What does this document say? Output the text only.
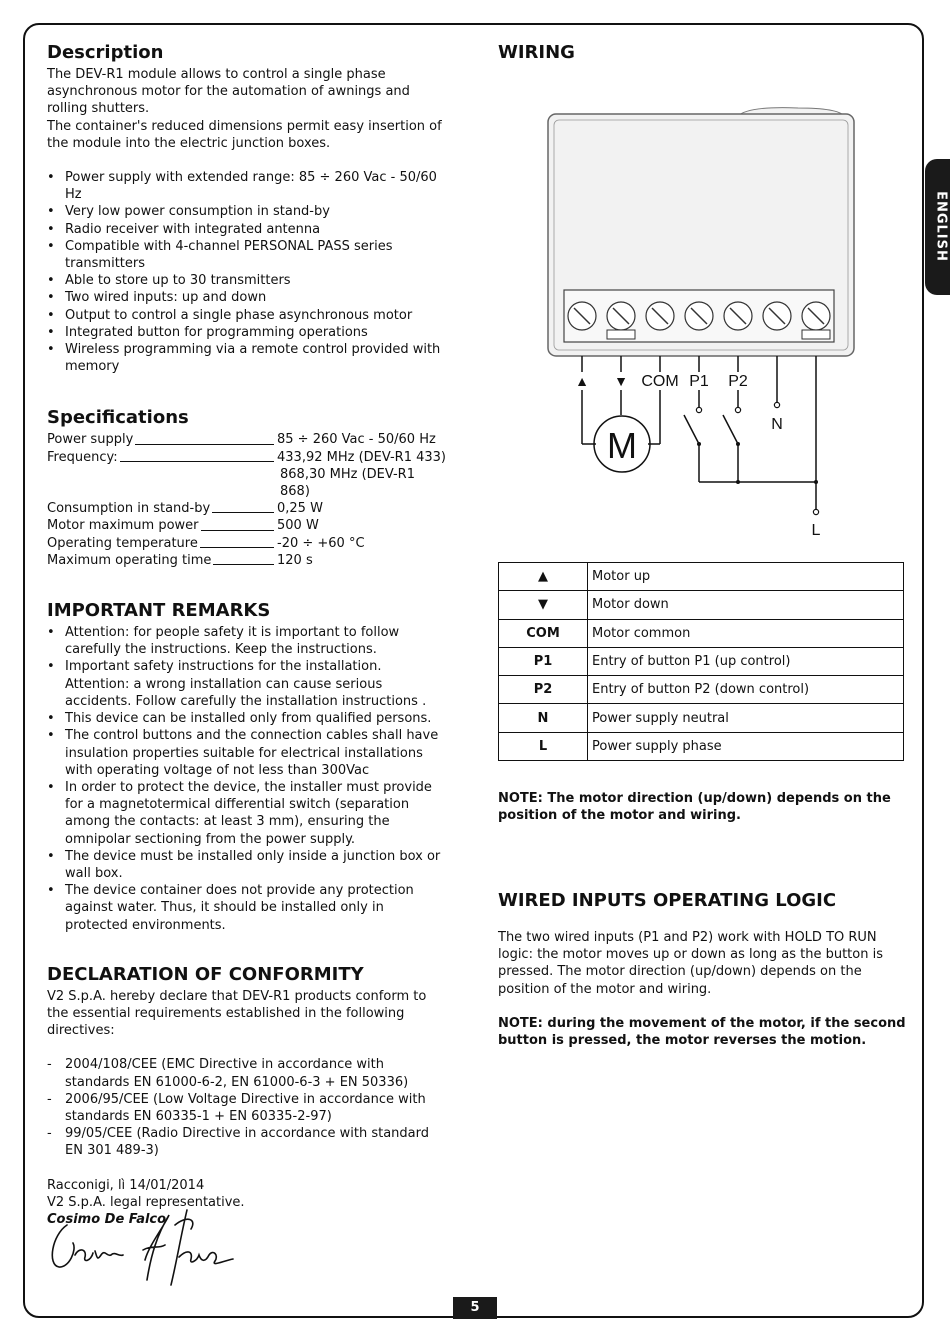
ENGLISH
Description

The DEV-R1 module allows to control a single phase asynchronous motor for the automation of awnings and rolling shutters.

The container's reduced dimensions permit easy insertion of the module into the electric junction boxes.

• Power supply with extended range: 85 ÷ 260 Vac - 50/60 Hz
• Very low power consumption in stand-by
• Radio receiver with integrated antenna
• Compatible with 4-channel PERSONAL PASS series transmitters
• Able to store up to 30 transmitters
• Two wired inputs: up and down
• Output to control a single phase asynchronous motor
• Integrated button for programming operations
• Wireless programming via a remote control provided with memory
Specifications
Power supply	85 ÷ 260 Vac - 50/60 Hz
Frequency:	433,92 MHz (DEV-R1 433)
868,30 MHz (DEV-R1 868)
Consumption in stand-by	0,25 W
Motor maximum power	500 W
Operating temperature	-20 ÷ +60 °C
Maximum operating time	120 s
IMPORTANT REMARKS
• Attention: for people safety it is important to follow carefully the instructions. Keep the instructions.
• Important safety instructions for the installation. Attention: a wrong installation can cause serious accidents. Follow carefully the installation instructions .
• This device can be installed only from qualified persons.
• The control buttons and the connection cables shall have insulation properties suitable for electrical installations with operating voltage of not less than 300Vac
• In order to protect the device, the installer must provide for a magnetotermical differential switch (separation among the contacts: at least 3 mm), ensuring the omnipolar sectioning from the power supply.
• The device must be installed only inside a junction box or wall box.
• The device container does not provide any protection against water. Thus, it should be installed only in protected environments.
DECLARATION OF CONFORMITY

V2 S.p.A. hereby declare that DEV-R1 products conform to the essential requirements established in the following directives:

- 2004/108/CEE (EMC Directive in accordance with standards EN 61000-6-2, EN 61000-6-3 + EN 50336)
- 2006/95/CEE (Low Voltage Directive in accordance with standards EN 60335-1 + EN 60335-2-97)
- 99/05/CEE (Radio Directive in accordance with standard EN 301 489-3)

Racconigi, lì 14/01/2014

V2 S.p.A. legal representative.

Cosimo De Falco

WIRING
▲ ▼ COM P1 P2
N
L
M
▲	Motor up
▼	Motor down
COM	Motor common
P1	Entry of button P1 (up control)
P2	Entry of button P2 (down control)
N	Power supply neutral
L	Power supply phase

NOTE: The motor direction (up/down) depends on the position of the motor and wiring.

WIRED INPUTS OPERATING LOGIC

The two wired inputs (P1 and P2) work with HOLD TO RUN logic: the motor moves up or down as long as the button is pressed. The motor direction (up/down) depends on the position of the motor and wiring.

NOTE: during the movement of the motor, if the second button is pressed, the motor reverses the motion.

5
